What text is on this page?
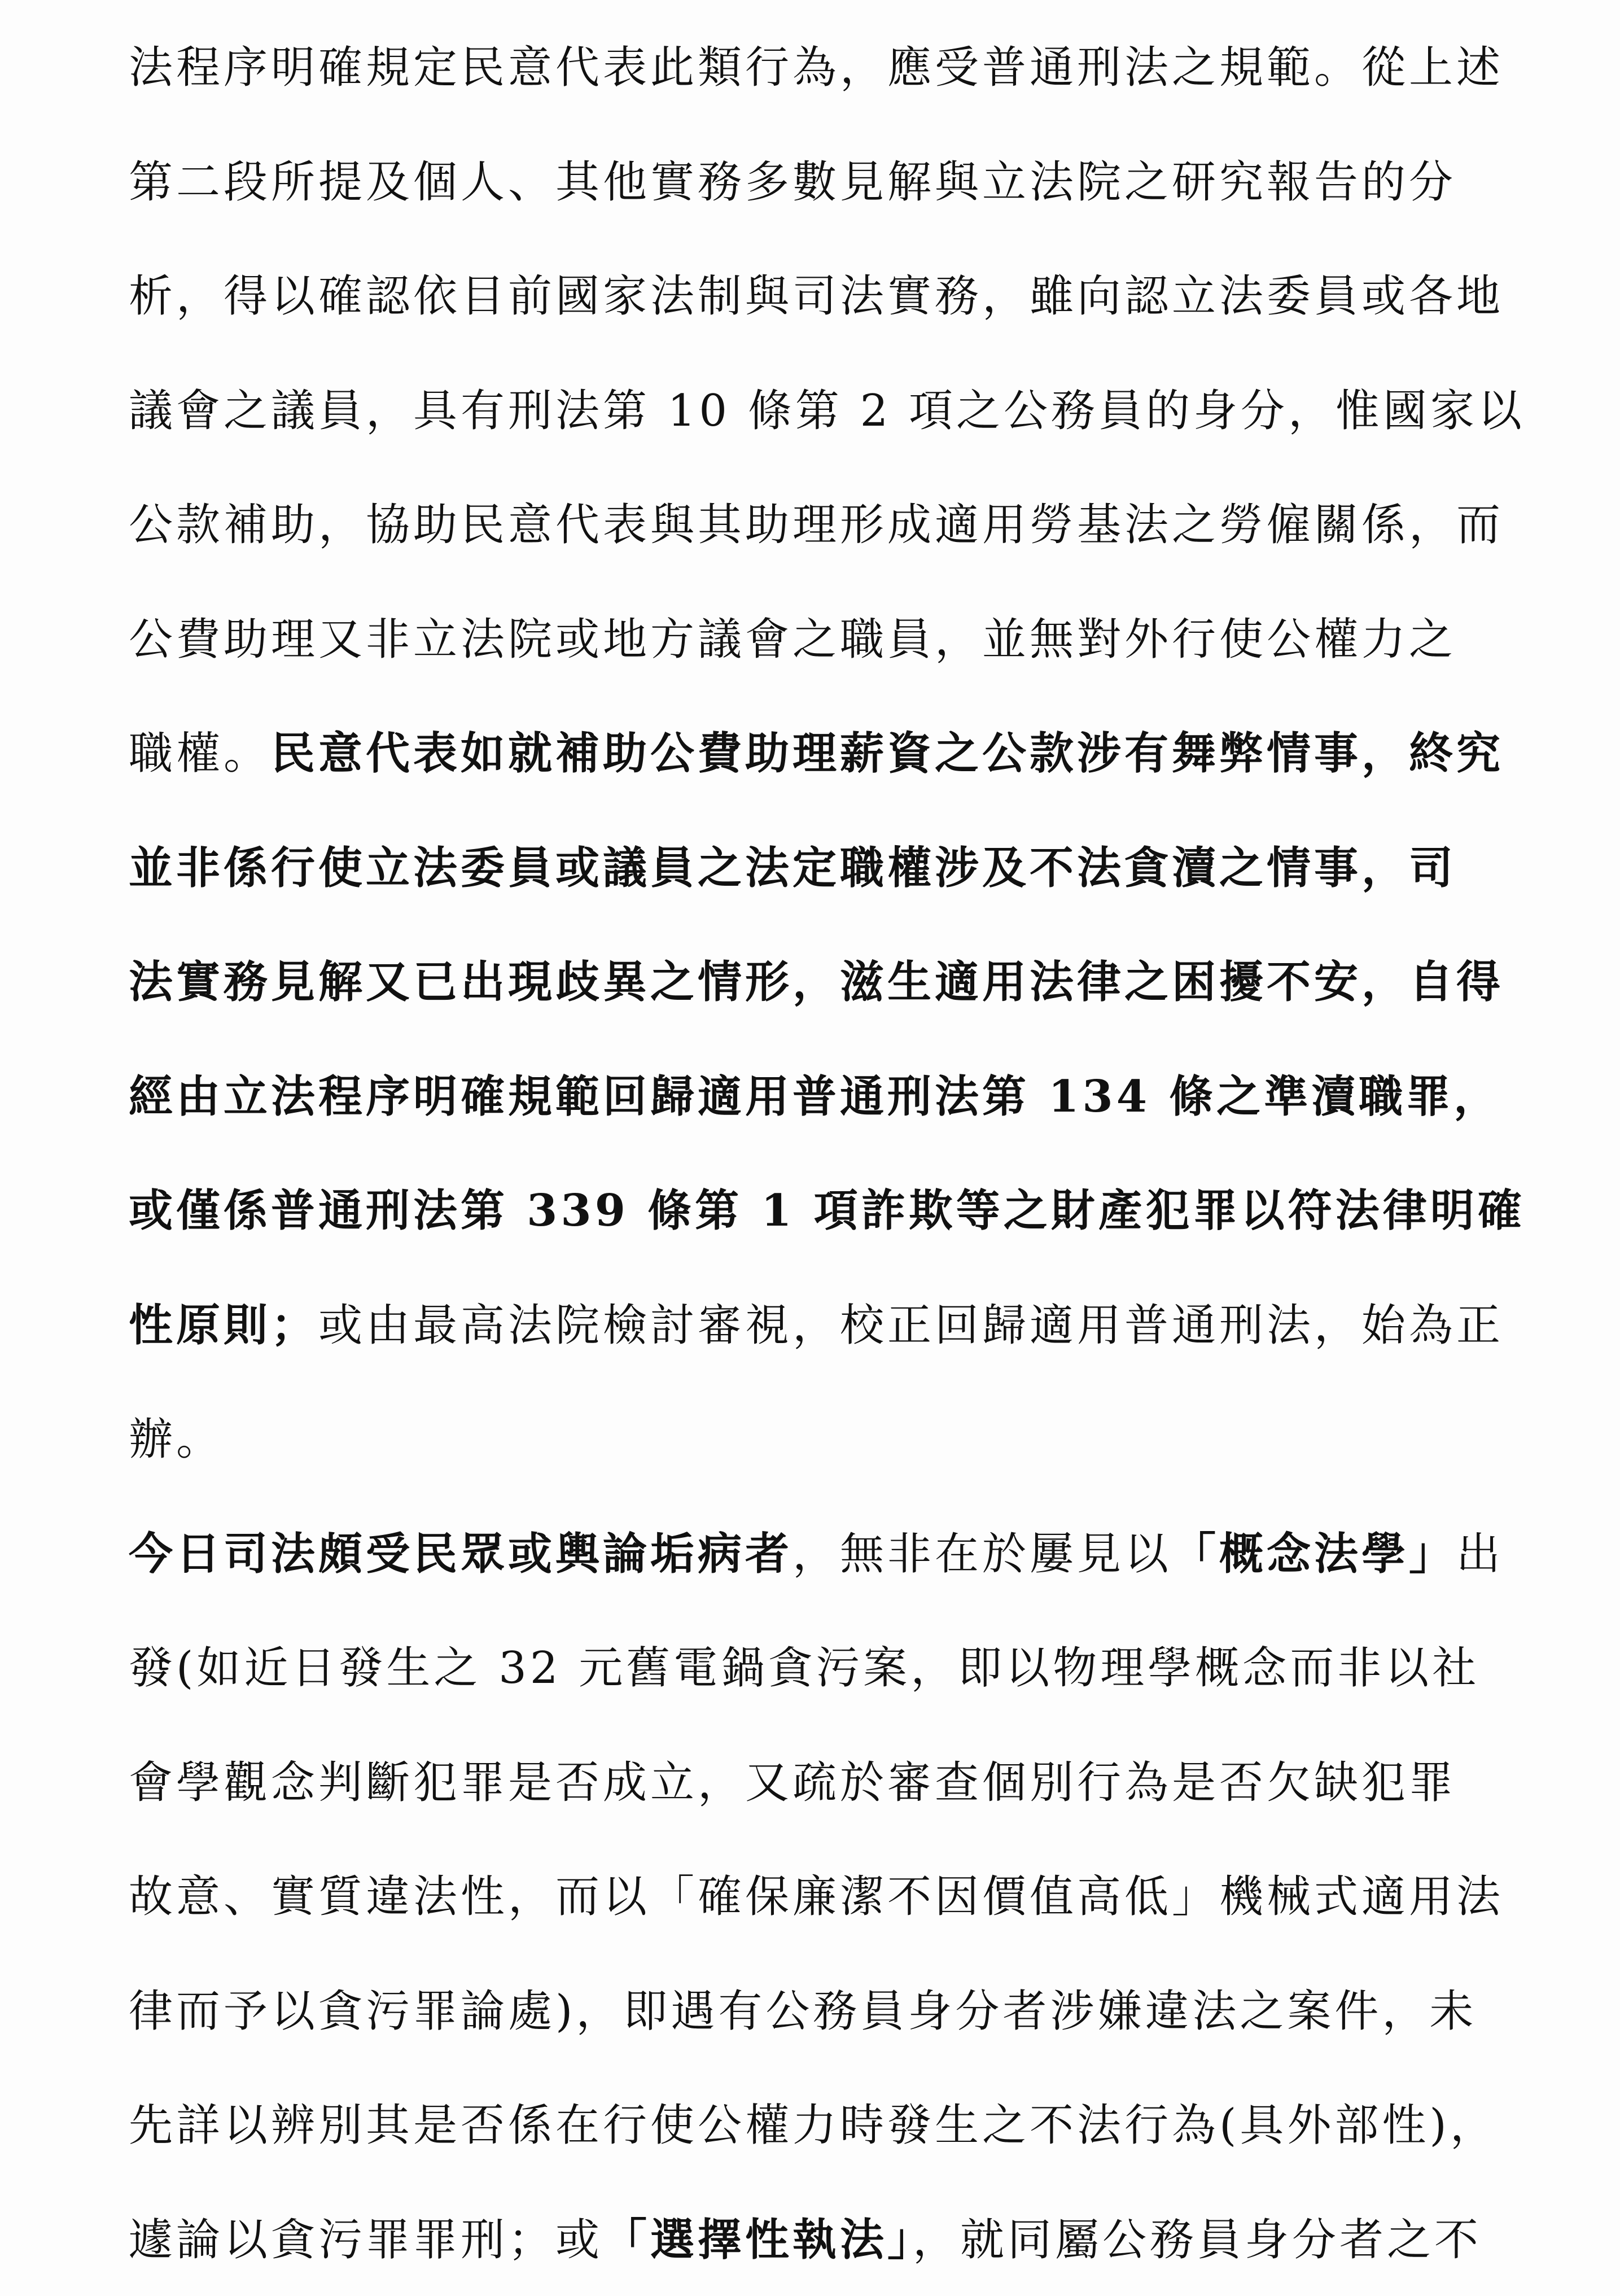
法程序明確規定民意代表此類行為，應受普通刑法之規範。從上述
第二段所提及個人、其他實務多數見解與立法院之研究報告的分
析，得以確認依目前國家法制與司法實務，雖向認立法委員或各地
議會之議員，具有刑法第 10 條第 2 項之公務員的身分，惟國家以
公款補助，協助民意代表與其助理形成適用勞基法之勞僱關係，而
公費助理又非立法院或地方議會之職員，並無對外行使公權力之
職權。民意代表如就補助公費助理薪資之公款涉有舞弊情事，終究
並非係行使立法委員或議員之法定職權涉及不法貪瀆之情事，司
法實務見解又已出現歧異之情形，滋生適用法律之困擾不安，自得
經由立法程序明確規範回歸適用普通刑法第 134 條之準瀆職罪，
或僅係普通刑法第 339 條第 1 項詐欺等之財產犯罪以符法律明確
性原則；或由最高法院檢討審視，校正回歸適用普通刑法，始為正
辦。
今日司法頗受民眾或輿論垢病者，無非在於屢見以「概念法學」出
發(如近日發生之 32 元舊電鍋貪污案，即以物理學概念而非以社
會學觀念判斷犯罪是否成立，又疏於審查個別行為是否欠缺犯罪
故意、實質違法性，而以「確保廉潔不因價值高低」機械式適用法
律而予以貪污罪論處)，即遇有公務員身分者涉嫌違法之案件，未
先詳以辨別其是否係在行使公權力時發生之不法行為(具外部性)，
遽論以貪污罪罪刑；或「選擇性執法」，就同屬公務員身分者之不
